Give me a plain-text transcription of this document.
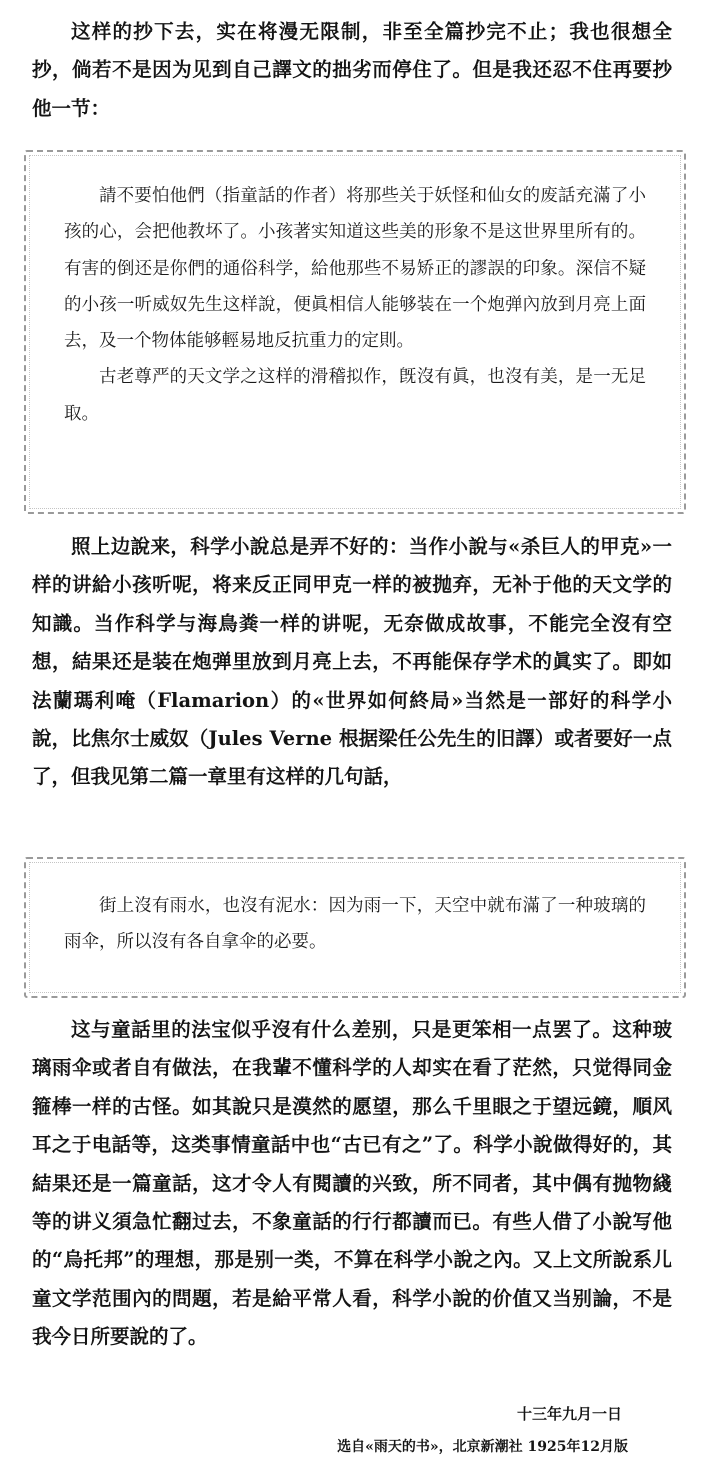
这样的抄下去，实在将漫无限制，非至全篇抄完不止；我也很想全抄，倘若不是因为见到自己譯文的拙劣而停住了。但是我还忍不住再要抄他一节：

請不要怕他們（指童話的作者）将那些关于妖怪和仙女的废話充滿了小孩的心，会把他教坏了。小孩著实知道这些美的形象不是这世界里所有的。有害的倒还是你們的通俗科学，給他那些不易矫正的謬誤的印象。深信不疑的小孩一听威奴先生这样說，便眞相信人能够装在一个炮弹內放到月亮上面去，及一个物体能够輕易地反抗重力的定則。

古老尊严的天文学之这样的滑稽拟作，旣沒有眞，也沒有美，是一无足取。

照上边說来，科学小說总是弄不好的：当作小說与«杀巨人的甲克»一样的讲給小孩听呢，将来反正同甲克一样的被抛弃，无补于他的天文学的知識。当作科学与海鳥粪一样的讲呢，无奈做成故事，不能完全沒有空想，結果还是装在炮弹里放到月亮上去，不再能保存学术的眞实了。即如法蘭瑪利唵（Flamarion）的«世界如何終局»当然是一部好的科学小說，比焦尔士威奴（Jules Verne 根据梁任公先生的旧譯）或者要好一点了，但我见第二篇一章里有这样的几句話，

街上沒有雨水，也沒有泥水：因为雨一下，天空中就布滿了一种玻璃的雨伞，所以沒有各自拿伞的必要。

这与童話里的法宝似乎沒有什么差别，只是更笨相一点罢了。这种玻璃雨伞或者自有做法，在我輩不懂科学的人却实在看了茫然，只觉得同金箍棒一样的古怪。如其說只是漠然的愿望，那么千里眼之于望远鏡，順风耳之于电話等，这类事情童話中也“古已有之”了。科学小說做得好的，其結果还是一篇童話，这才令人有閱讀的兴致，所不同者，其中偶有抛物綫等的讲义須急忙翻过去，不象童話的行行都讀而已。有些人借了小說写他的“烏托邦”的理想，那是别一类，不算在科学小說之內。又上文所說系儿童文学范围內的問題，若是給平常人看，科学小說的价值又当别論，不是我今日所要說的了。

十三年九月一日

选自«雨天的书»，北京新潮社 1925年12月版
